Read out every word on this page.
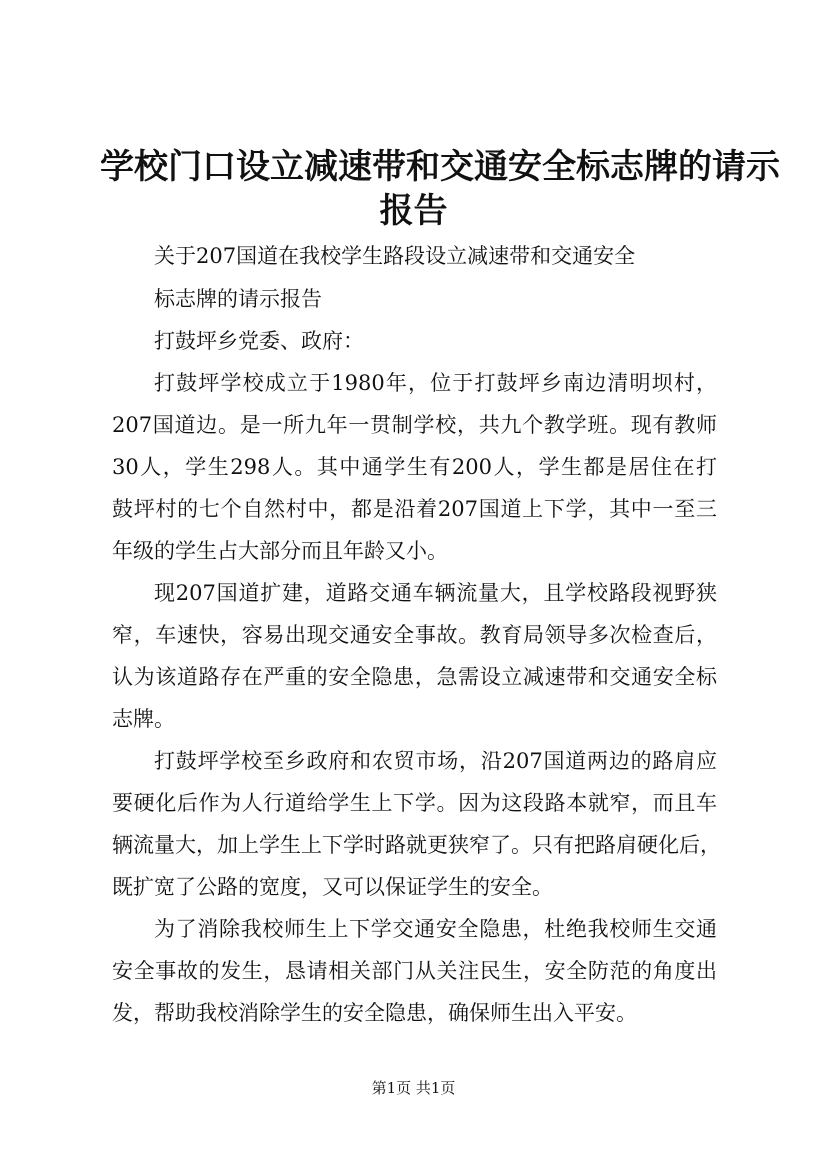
学校门口设立减速带和交通安全标志牌的请示
报告
关于207国道在我校学生路段设立减速带和交通安全
标志牌的请示报告
打鼓坪乡党委、政府：
打鼓坪学校成立于1980年，位于打鼓坪乡南边清明坝村，
207国道边。是一所九年一贯制学校，共九个教学班。现有教师
30人，学生298人。其中通学生有200人，学生都是居住在打
鼓坪村的七个自然村中，都是沿着207国道上下学，其中一至三
年级的学生占大部分而且年龄又小。
现207国道扩建，道路交通车辆流量大，且学校路段视野狭
窄，车速快，容易出现交通安全事故。教育局领导多次检查后，
认为该道路存在严重的安全隐患，急需设立减速带和交通安全标
志牌。
打鼓坪学校至乡政府和农贸市场，沿207国道两边的路肩应
要硬化后作为人行道给学生上下学。因为这段路本就窄，而且车
辆流量大，加上学生上下学时路就更狭窄了。只有把路肩硬化后，
既扩宽了公路的宽度，又可以保证学生的安全。
为了消除我校师生上下学交通安全隐患，杜绝我校师生交通
安全事故的发生，恳请相关部门从关注民生，安全防范的角度出
发，帮助我校消除学生的安全隐患，确保师生出入平安。
第1页 共1页
